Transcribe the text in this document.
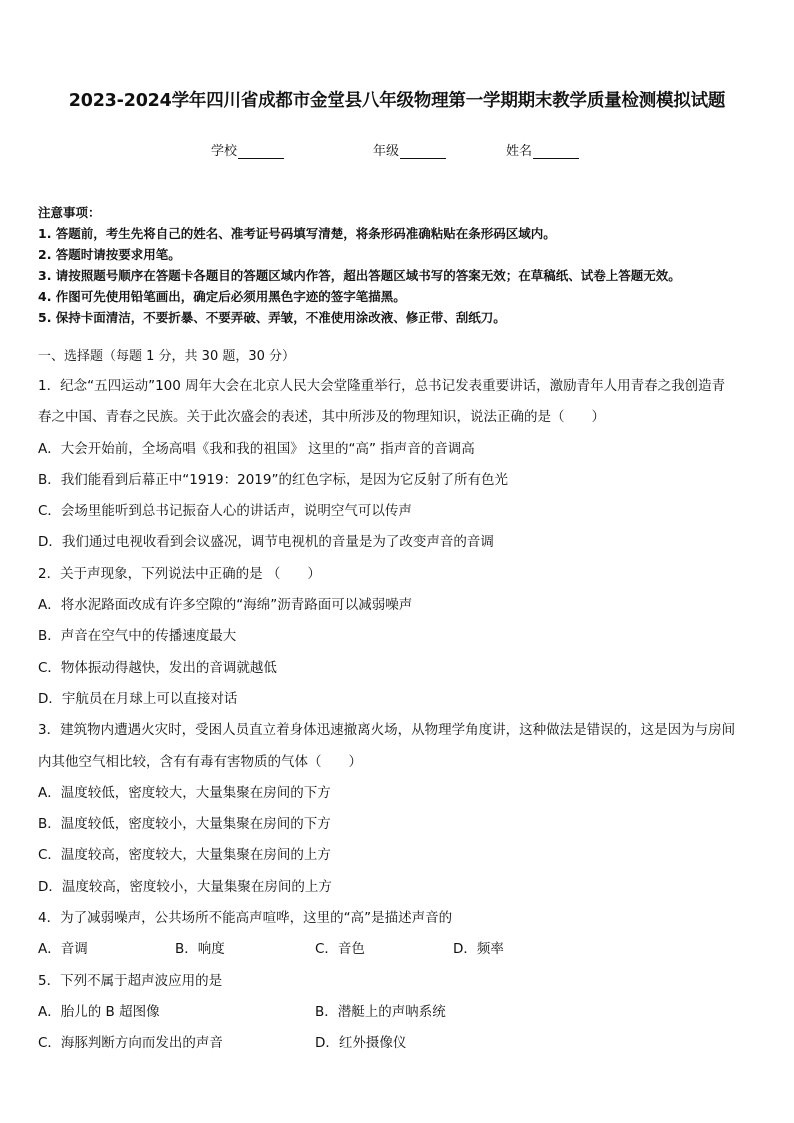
2023-2024学年四川省成都市金堂县八年级物理第一学期期末教学质量检测模拟试题
学校	年级	姓名
注意事项：
1. 答题前，考生先将自己的姓名、准考证号码填写清楚，将条形码准确粘贴在条形码区域内。
2. 答题时请按要求用笔。
3. 请按照题号顺序在答题卡各题目的答题区域内作答，超出答题区域书写的答案无效；在草稿纸、试卷上答题无效。
4. 作图可先使用铅笔画出，确定后必须用黑色字迹的签字笔描黑。
5. 保持卡面清洁，不要折暴、不要弄破、弄皱，不准使用涂改液、修正带、刮纸刀。
一、选择题（每题 1 分，共 30 题，30 分）
1．纪念“五四运动”100 周年大会在北京人民大会堂隆重举行，总书记发表重要讲话，激励青年人用青春之我创造青
春之中国、青春之民族。关于此次盛会的表述，其中所涉及的物理知识，说法正确的是（　　）
A．大会开始前，全场高唱《我和我的祖国》 这里的“高” 指声音的音调高
B．我们能看到后幕正中“1919：2019”的红色字标，是因为它反射了所有色光
C．会场里能听到总书记振奋人心的讲话声，说明空气可以传声
D．我们通过电视收看到会议盛况，调节电视机的音量是为了改变声音的音调
2．关于声现象，下列说法中正确的是 （　　）
A．将水泥路面改成有许多空隙的“海绵”沥青路面可以减弱噪声
B．声音在空气中的传播速度最大
C．物体振动得越快，发出的音调就越低
D．宇航员在月球上可以直接对话
3．建筑物内遭遇火灾时，受困人员直立着身体迅速撤离火场，从物理学角度讲，这种做法是错误的，这是因为与房间
内其他空气相比较，含有有毒有害物质的气体（　　）
A．温度较低，密度较大，大量集聚在房间的下方
B．温度较低，密度较小，大量集聚在房间的下方
C．温度较高，密度较大，大量集聚在房间的上方
D．温度较高，密度较小，大量集聚在房间的上方
4．为了减弱噪声，公共场所不能高声喧哗，这里的“高”是描述声音的
A．音调	B．响度	C．音色	D．频率
5．下列不属于超声波应用的是
A．胎儿的 B 超图像	B．潜艇上的声呐系统
C．海豚判断方向而发出的声音	D．红外摄像仪
